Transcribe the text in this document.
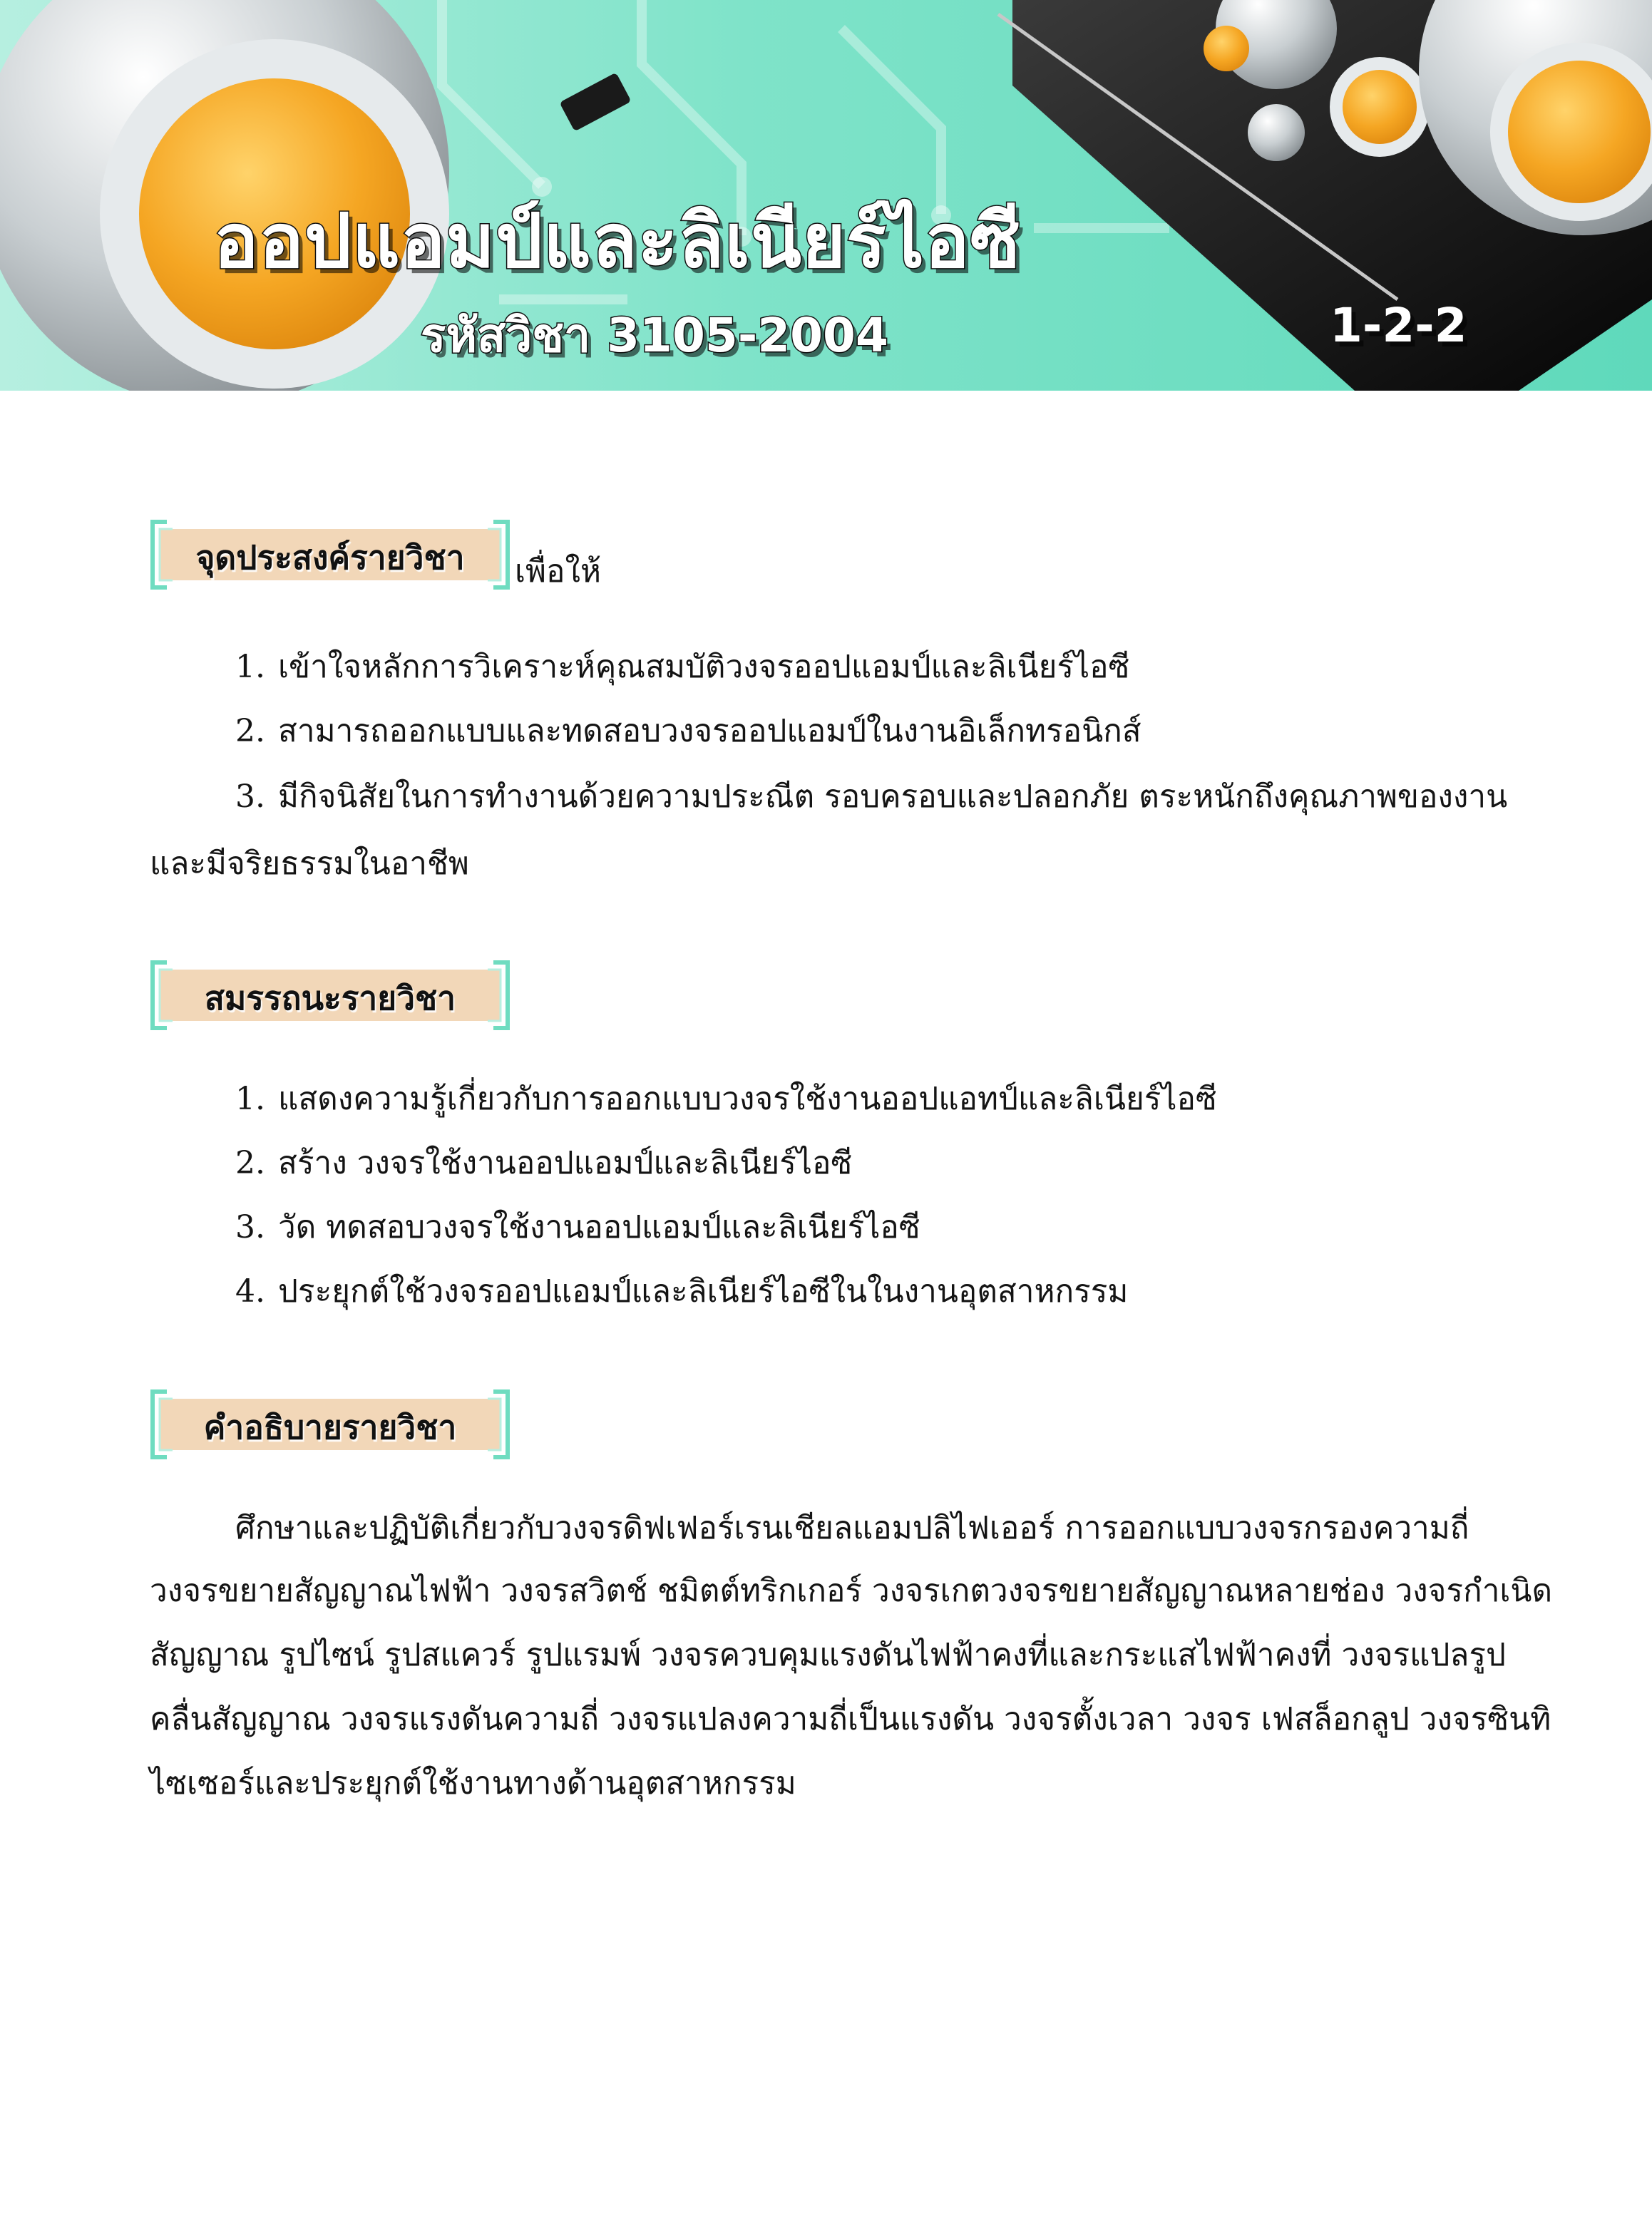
ออปแอมป์และลิเนียร์ไอซี
รหัสวิชา 3105-2004	1-2-2
จุดประสงค์รายวิชา	เพื่อให้
1. เข้าใจหลักการวิเคราะห์คุณสมบัติวงจรออปแอมป์และลิเนียร์ไอซี
2. สามารถออกแบบและทดสอบวงจรออปแอมป์ในงานอิเล็กทรอนิกส์
3. มีกิจนิสัยในการทำงานด้วยความประณีต รอบครอบและปลอกภัย ตระหนักถึงคุณภาพของงาน
และมีจริยธรรมในอาชีพ
สมรรถนะรายวิชา
1. แสดงความรู้เกี่ยวกับการออกแบบวงจรใช้งานออปแอทป์และลิเนียร์ไอซี
2. สร้าง วงจรใช้งานออปแอมป์และลิเนียร์ไอซี
3. วัด ทดสอบวงจรใช้งานออปแอมป์และลิเนียร์ไอซี
4. ประยุกต์ใช้วงจรออปแอมป์และลิเนียร์ไอซีในในงานอุตสาหกรรม
คำอธิบายรายวิชา
ศึกษาและปฏิบัติเกี่ยวกับวงจรดิฟเฟอร์เรนเชียลแอมปลิไฟเออร์ การออกแบบวงจรกรองความถี่
วงจรขยายสัญญาณไฟฟ้า วงจรสวิตช์ ชมิตต์ทริกเกอร์ วงจรเกตวงจรขยายสัญญาณหลายช่อง วงจรกำเนิด
สัญญาณ รูปไซน์ รูปสแควร์ รูปแรมพ์ วงจรควบคุมแรงดันไฟฟ้าคงที่และกระแสไฟฟ้าคงที่ วงจรแปลรูป
คลื่นสัญญาณ วงจรแรงดันความถี่ วงจรแปลงความถี่เป็นแรงดัน วงจรตั้งเวลา วงจร เฟสล็อกลูป วงจรซินทิ
ไซเซอร์และประยุกต์ใช้งานทางด้านอุตสาหกรรม
